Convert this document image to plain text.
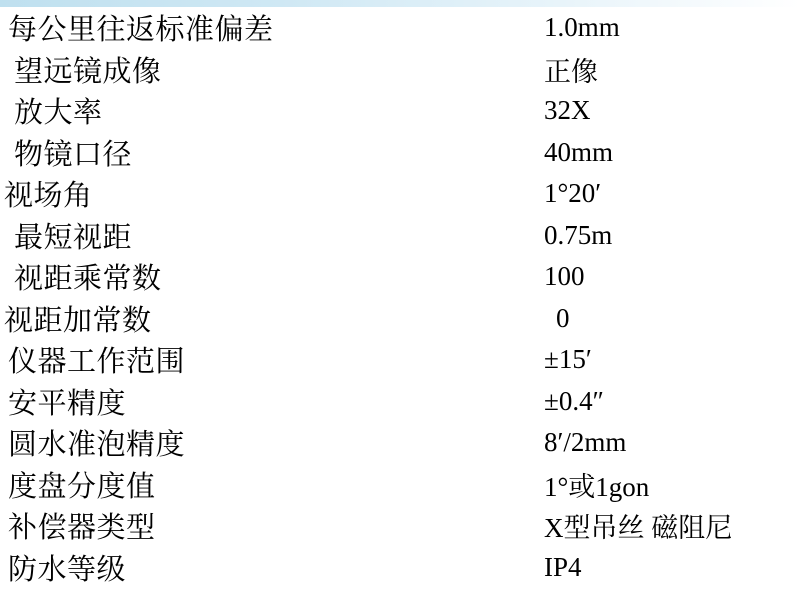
每公里往返标准偏差	1.0mm
望远镜成像	正像
放大率	32X
物镜口径	40mm
视场角	1°20′
最短视距	0.75m
视距乘常数	100
视距加常数	0
仪器工作范围	±15′
安平精度	±0.4″
圆水准泡精度	8′/2mm
度盘分度值	1°或1gon
补偿器类型	X型吊丝 磁阻尼
防水等级	IP4
